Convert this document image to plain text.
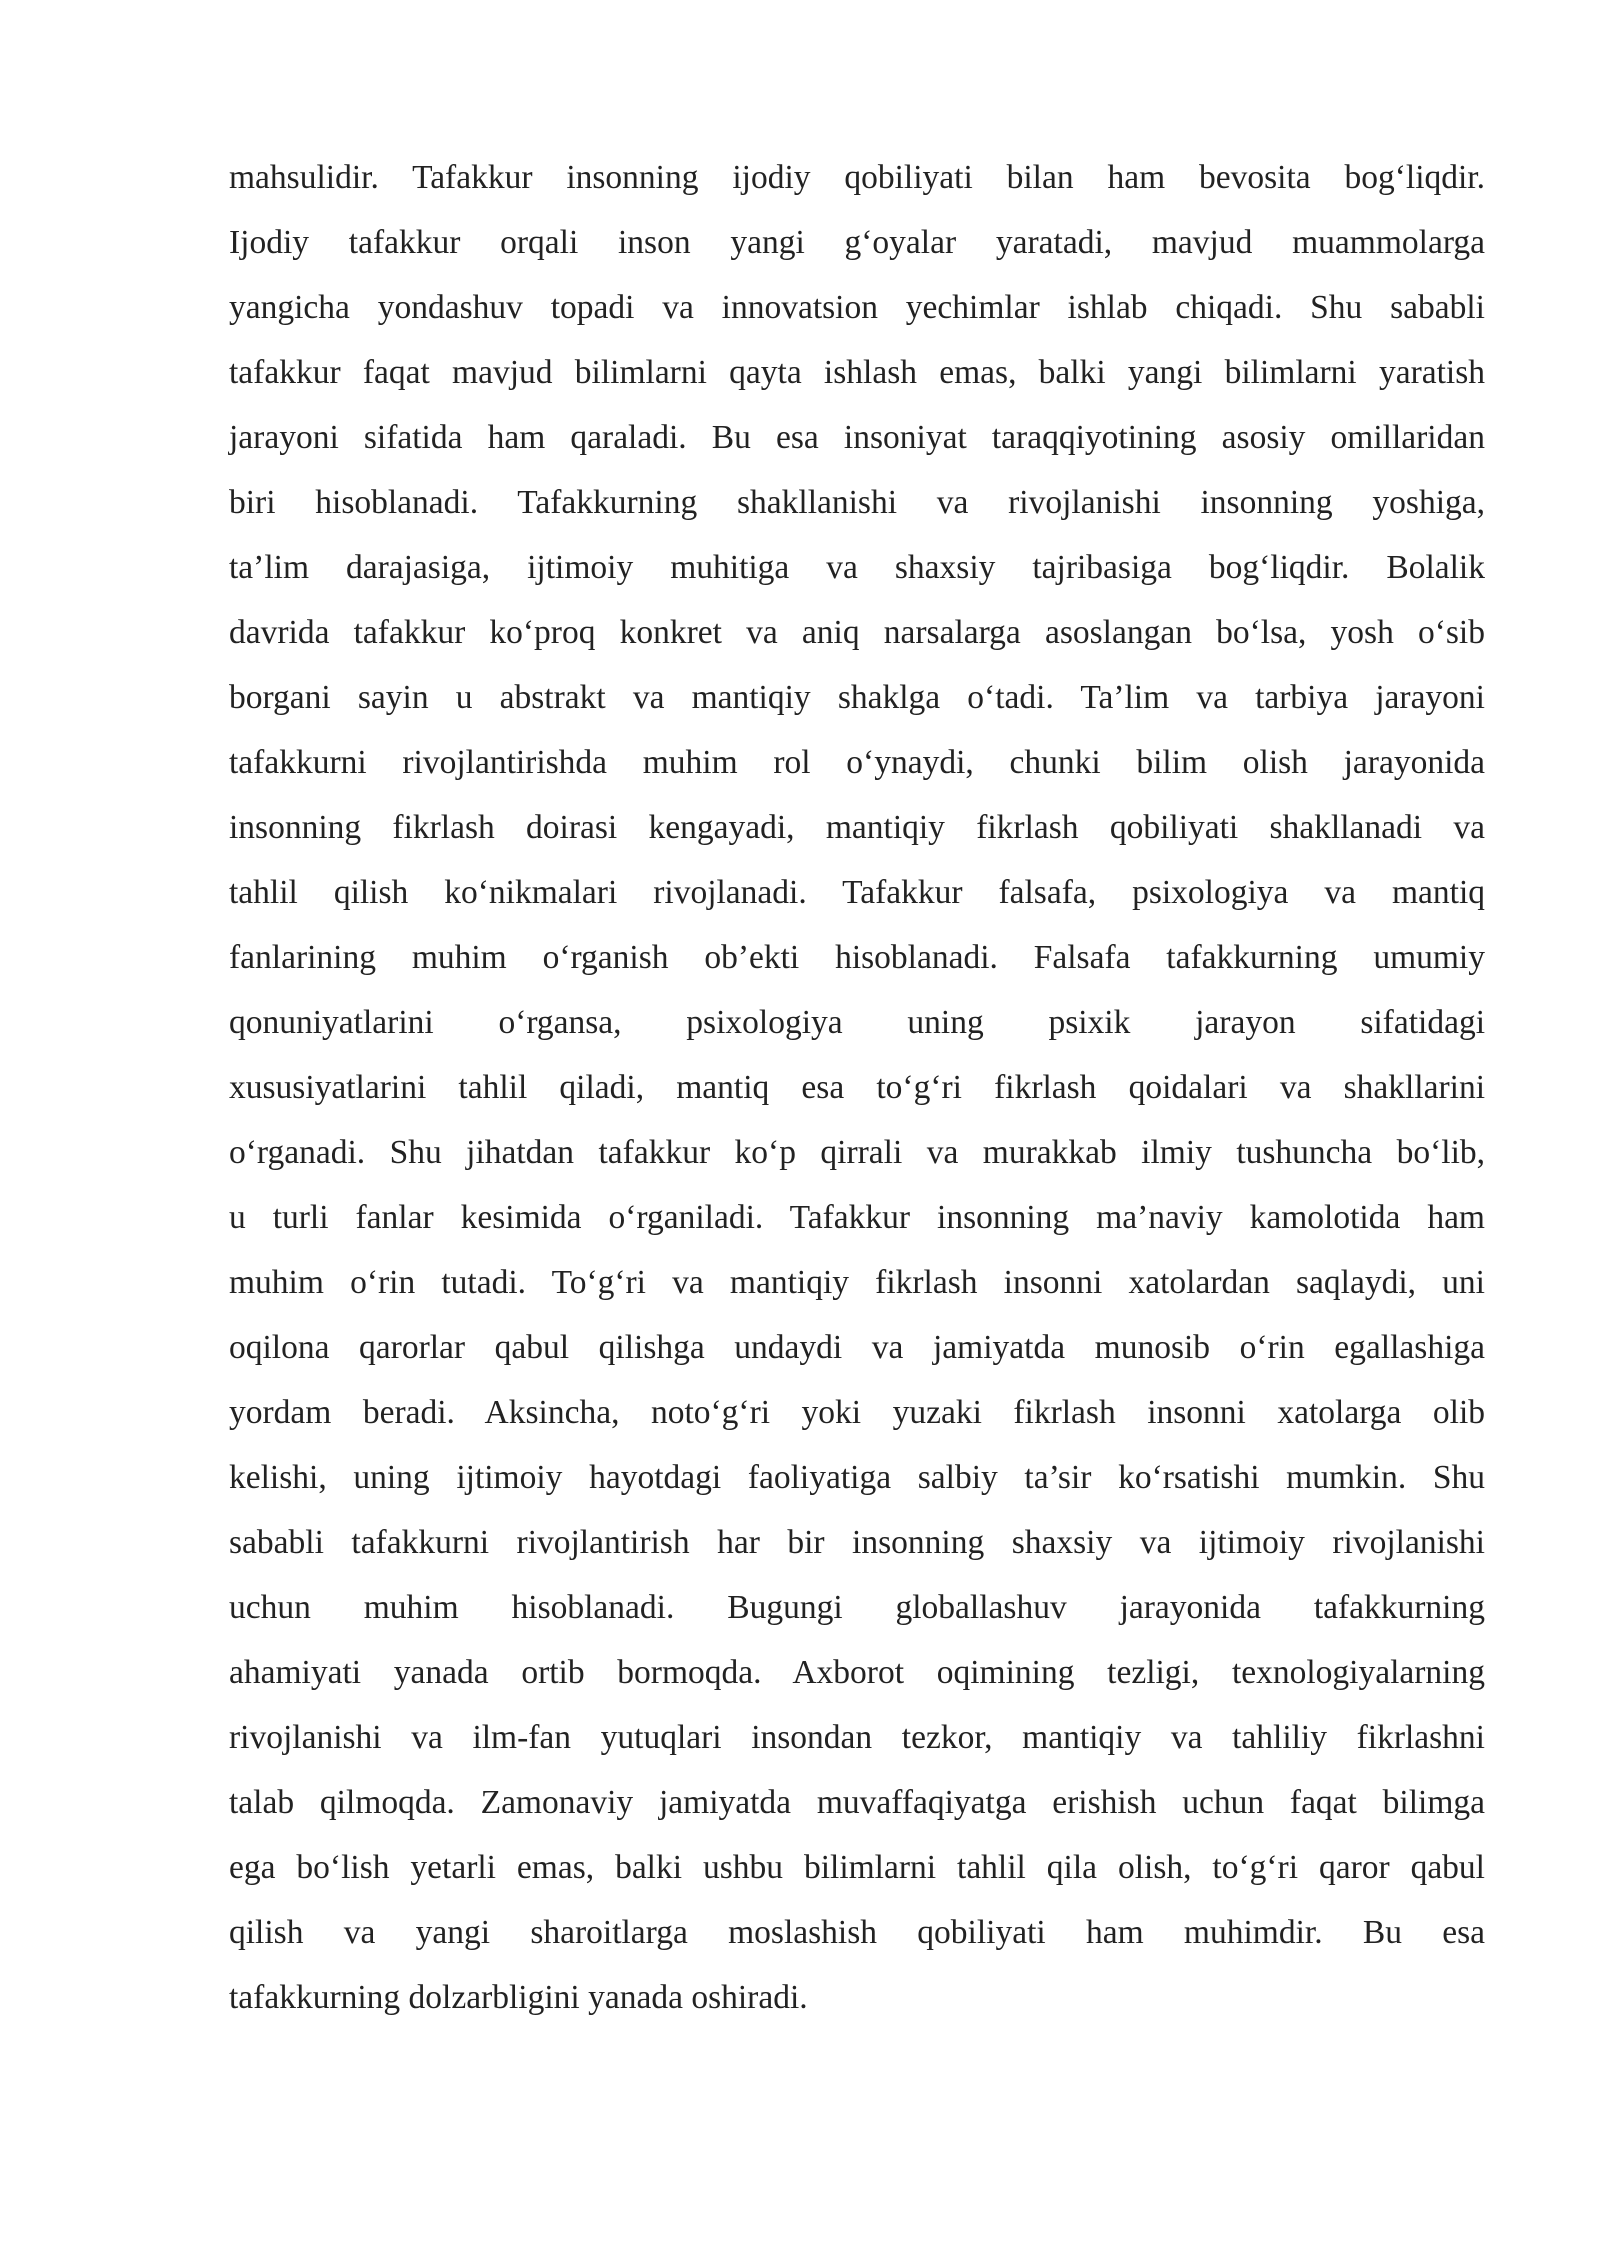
mahsulidir. Tafakkur insonning ijodiy qobiliyati bilan ham bevosita bog‘liqdir.
Ijodiy tafakkur orqali inson yangi g‘oyalar yaratadi, mavjud muammolarga
yangicha yondashuv topadi va innovatsion yechimlar ishlab chiqadi. Shu sababli
tafakkur faqat mavjud bilimlarni qayta ishlash emas, balki yangi bilimlarni yaratish
jarayoni sifatida ham qaraladi. Bu esa insoniyat taraqqiyotining asosiy omillaridan
biri hisoblanadi. Tafakkurning shakllanishi va rivojlanishi insonning yoshiga,
ta’lim darajasiga, ijtimoiy muhitiga va shaxsiy tajribasiga bog‘liqdir. Bolalik
davrida tafakkur ko‘proq konkret va aniq narsalarga asoslangan bo‘lsa, yosh o‘sib
borgani sayin u abstrakt va mantiqiy shaklga o‘tadi. Ta’lim va tarbiya jarayoni
tafakkurni rivojlantirishda muhim rol o‘ynaydi, chunki bilim olish jarayonida
insonning fikrlash doirasi kengayadi, mantiqiy fikrlash qobiliyati shakllanadi va
tahlil qilish ko‘nikmalari rivojlanadi. Tafakkur falsafa, psixologiya va mantiq
fanlarining muhim o‘rganish ob’ekti hisoblanadi. Falsafa tafakkurning umumiy
qonuniyatlarini o‘rgansa, psixologiya uning psixik jarayon sifatidagi
xususiyatlarini tahlil qiladi, mantiq esa to‘g‘ri fikrlash qoidalari va shakllarini
o‘rganadi. Shu jihatdan tafakkur ko‘p qirrali va murakkab ilmiy tushuncha bo‘lib,
u turli fanlar kesimida o‘rganiladi. Tafakkur insonning ma’naviy kamolotida ham
muhim o‘rin tutadi. To‘g‘ri va mantiqiy fikrlash insonni xatolardan saqlaydi, uni
oqilona qarorlar qabul qilishga undaydi va jamiyatda munosib o‘rin egallashiga
yordam beradi. Aksincha, noto‘g‘ri yoki yuzaki fikrlash insonni xatolarga olib
kelishi, uning ijtimoiy hayotdagi faoliyatiga salbiy ta’sir ko‘rsatishi mumkin. Shu
sababli tafakkurni rivojlantirish har bir insonning shaxsiy va ijtimoiy rivojlanishi
uchun muhim hisoblanadi. Bugungi globallashuv jarayonida tafakkurning
ahamiyati yanada ortib bormoqda. Axborot oqimining tezligi, texnologiyalarning
rivojlanishi va ilm-fan yutuqlari insondan tezkor, mantiqiy va tahliliy fikrlashni
talab qilmoqda. Zamonaviy jamiyatda muvaffaqiyatga erishish uchun faqat bilimga
ega bo‘lish yetarli emas, balki ushbu bilimlarni tahlil qila olish, to‘g‘ri qaror qabul
qilish va yangi sharoitlarga moslashish qobiliyati ham muhimdir. Bu esa
tafakkurning dolzarbligini yanada oshiradi.
